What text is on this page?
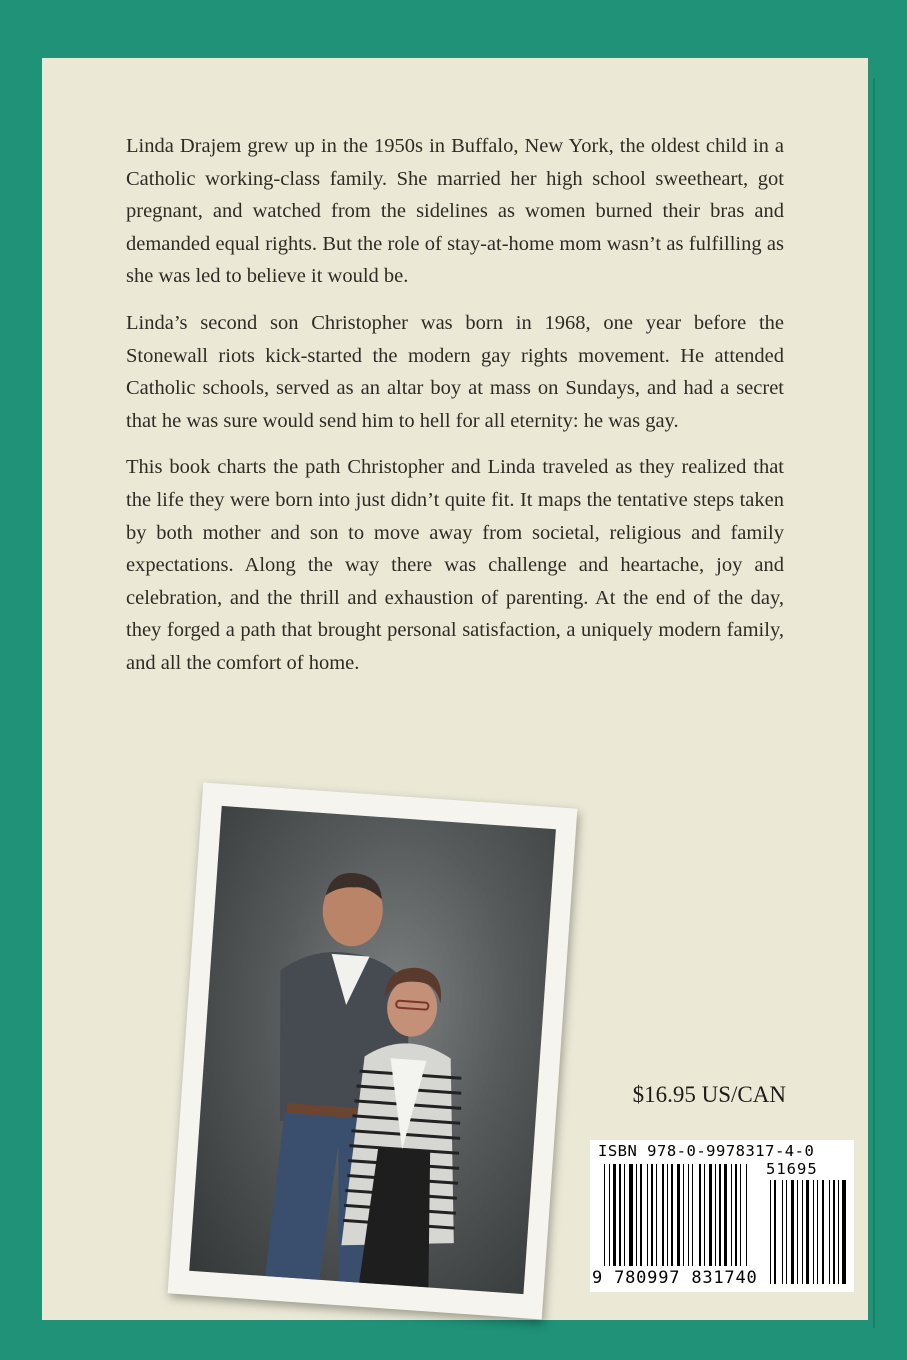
Linda Drajem grew up in the 1950s in Buffalo, New York, the oldest child in a Catholic working-class family. She married her high school sweetheart, got pregnant, and watched from the sidelines as women burned their bras and demanded equal rights. But the role of stay-at-home mom wasn’t as fulfilling as she was led to believe it would be.

Linda’s second son Christopher was born in 1968, one year before the Stonewall riots kick-started the modern gay rights movement. He attended Catholic schools, served as an altar boy at mass on Sundays, and had a secret that he was sure would send him to hell for all eternity: he was gay.

This book charts the path Christopher and Linda traveled as they realized that the life they were born into just didn’t quite fit. It maps the tentative steps taken by both mother and son to move away from societal, religious and family expectations. Along the way there was challenge and heartache, joy and celebration, and the thrill and exhaustion of parenting. At the end of the day, they forged a path that brought personal satisfaction, a uniquely modern family, and all the comfort of home.

$16.95 US/CAN
ISBN 978-0-9978317-4-0
51695
9 780997 831740
